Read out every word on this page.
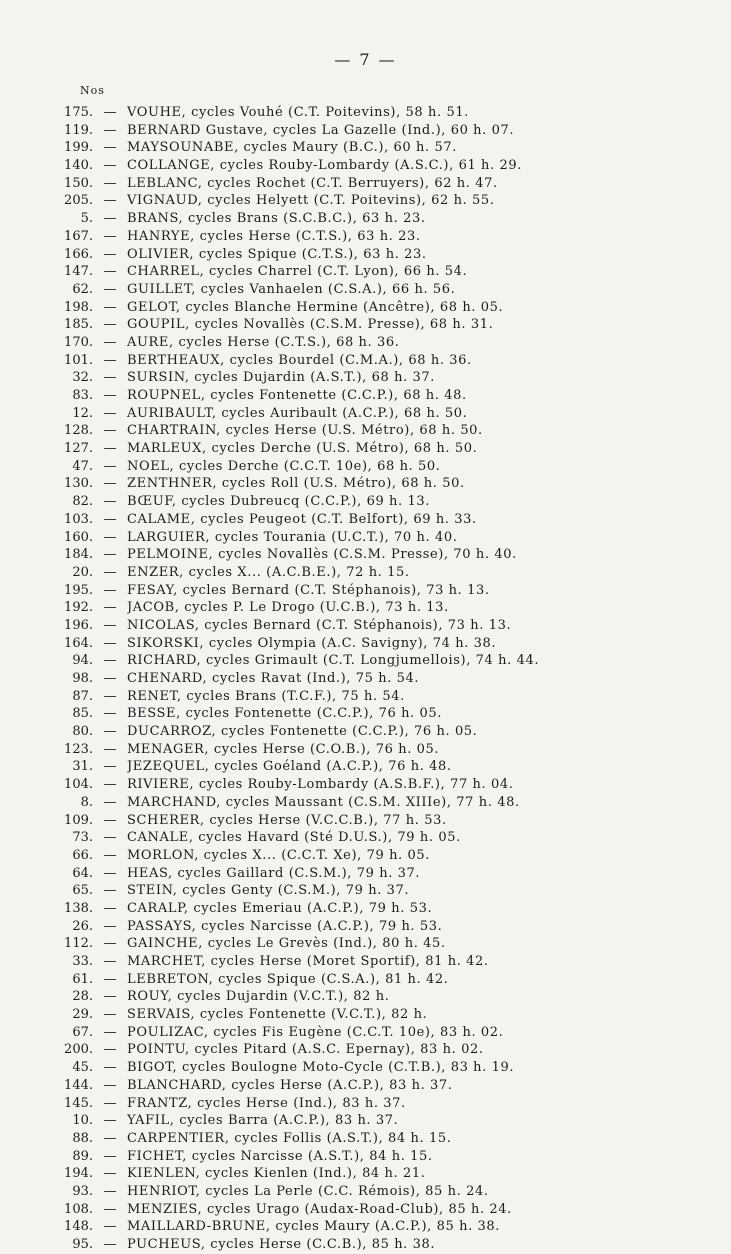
— 7 —
Nos
175. — VOUHE, cycles Vouhé (C.T. Poitevins), 58 h. 51.
119. — BERNARD Gustave, cycles La Gazelle (Ind.), 60 h. 07.
199. — MAYSOUNABE, cycles Maury (B.C.), 60 h. 57.
140. — COLLANGE, cycles Rouby-Lombardy (A.S.C.), 61 h. 29.
150. — LEBLANC, cycles Rochet (C.T. Berruyers), 62 h. 47.
205. — VIGNAUD, cycles Helyett (C.T. Poitevins), 62 h. 55.
5. — BRANS, cycles Brans (S.C.B.C.), 63 h. 23.
167. — HANRYE, cycles Herse (C.T.S.), 63 h. 23.
166. — OLIVIER, cycles Spique (C.T.S.), 63 h. 23.
147. — CHARREL, cycles Charrel (C.T. Lyon), 66 h. 54.
62. — GUILLET, cycles Vanhaelen (C.S.A.), 66 h. 56.
198. — GELOT, cycles Blanche Hermine (Ancêtre), 68 h. 05.
185. — GOUPIL, cycles Novallès (C.S.M. Presse), 68 h. 31.
170. — AURE, cycles Herse (C.T.S.), 68 h. 36.
101. — BERTHEAUX, cycles Bourdel (C.M.A.), 68 h. 36.
32. — SURSIN, cycles Dujardin (A.S.T.), 68 h. 37.
83. — ROUPNEL, cycles Fontenette (C.C.P.), 68 h. 48.
12. — AURIBAULT, cycles Auribault (A.C.P.), 68 h. 50.
128. — CHARTRAIN, cycles Herse (U.S. Métro), 68 h. 50.
127. — MARLEUX, cycles Derche (U.S. Métro), 68 h. 50.
47. — NOEL, cycles Derche (C.C.T. 10e), 68 h. 50.
130. — ZENTHNER, cycles Roll (U.S. Métro), 68 h. 50.
82. — BŒUF, cycles Dubreucq (C.C.P.), 69 h. 13.
103. — CALAME, cycles Peugeot (C.T. Belfort), 69 h. 33.
160. — LARGUIER, cycles Tourania (U.C.T.), 70 h. 40.
184. — PELMOINE, cycles Novallès (C.S.M. Presse), 70 h. 40.
20. — ENZER, cycles X... (A.C.B.E.), 72 h. 15.
195. — FESAY, cycles Bernard (C.T. Stéphanois), 73 h. 13.
192. — JACOB, cycles P. Le Drogo (U.C.B.), 73 h. 13.
196. — NICOLAS, cycles Bernard (C.T. Stéphanois), 73 h. 13.
164. — SIKORSKI, cycles Olympia (A.C. Savigny), 74 h. 38.
94. — RICHARD, cycles Grimault (C.T. Longjumellois), 74 h. 44.
98. — CHENARD, cycles Ravat (Ind.), 75 h. 54.
87. — RENET, cycles Brans (T.C.F.), 75 h. 54.
85. — BESSE, cycles Fontenette (C.C.P.), 76 h. 05.
80. — DUCARROZ, cycles Fontenette (C.C.P.), 76 h. 05.
123. — MENAGER, cycles Herse (C.O.B.), 76 h. 05.
31. — JEZEQUEL, cycles Goéland (A.C.P.), 76 h. 48.
104. — RIVIERE, cycles Rouby-Lombardy (A.S.B.F.), 77 h. 04.
8. — MARCHAND, cycles Maussant (C.S.M. XIIIe), 77 h. 48.
109. — SCHERER, cycles Herse (V.C.C.B.), 77 h. 53.
73. — CANALE, cycles Havard (Sté D.U.S.), 79 h. 05.
66. — MORLON, cycles X... (C.C.T. Xe), 79 h. 05.
64. — HEAS, cycles Gaillard (C.S.M.), 79 h. 37.
65. — STEIN, cycles Genty (C.S.M.), 79 h. 37.
138. — CARALP, cycles Emeriau (A.C.P.), 79 h. 53.
26. — PASSAYS, cycles Narcisse (A.C.P.), 79 h. 53.
112. — GAINCHE, cycles Le Grevès (Ind.), 80 h. 45.
33. — MARCHET, cycles Herse (Moret Sportif), 81 h. 42.
61. — LEBRETON, cycles Spique (C.S.A.), 81 h. 42.
28. — ROUY, cycles Dujardin (V.C.T.), 82 h.
29. — SERVAIS, cycles Fontenette (V.C.T.), 82 h.
67. — POULIZAC, cycles Fis Eugène (C.C.T. 10e), 83 h. 02.
200. — POINTU, cycles Pitard (A.S.C. Epernay), 83 h. 02.
45. — BIGOT, cycles Boulogne Moto-Cycle (C.T.B.), 83 h. 19.
144. — BLANCHARD, cycles Herse (A.C.P.), 83 h. 37.
145. — FRANTZ, cycles Herse (Ind.), 83 h. 37.
10. — YAFIL, cycles Barra (A.C.P.), 83 h. 37.
88. — CARPENTIER, cycles Follis (A.S.T.), 84 h. 15.
89. — FICHET, cycles Narcisse (A.S.T.), 84 h. 15.
194. — KIENLEN, cycles Kienlen (Ind.), 84 h. 21.
93. — HENRIOT, cycles La Perle (C.C. Rémois), 85 h. 24.
108. — MENZIES, cycles Urago (Audax-Road-Club), 85 h. 24.
148. — MAILLARD-BRUNE, cycles Maury (A.C.P.), 85 h. 38.
95. — PUCHEUS, cycles Herse (C.C.B.), 85 h. 38.
